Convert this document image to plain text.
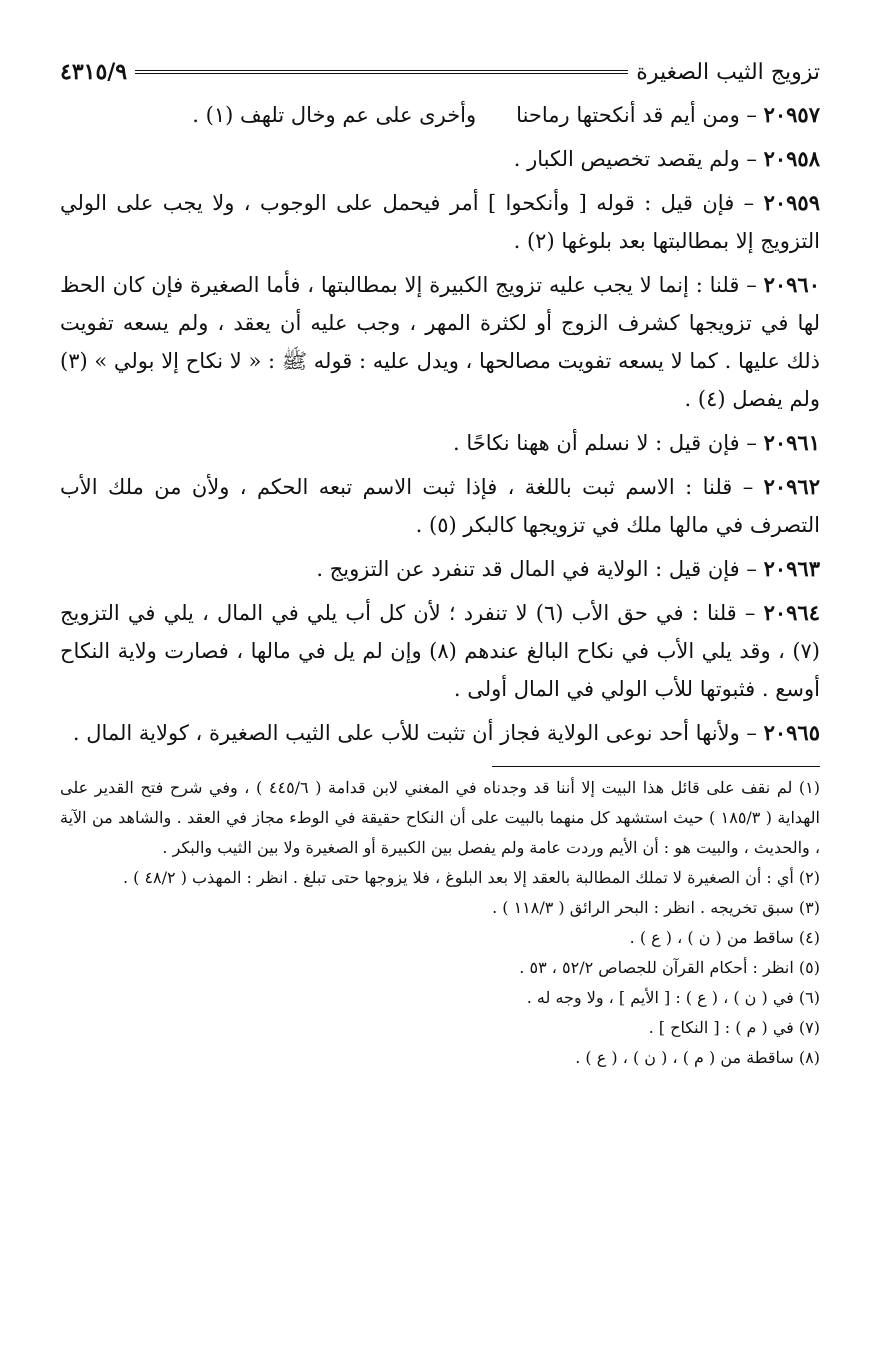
تزويج الثيب الصغيرة
٤٣١٥/٩
٢٠٩٥٧ – ومن أيم قد أنكحتها رماحنا
وأخرى على عم وخال تلهف (١) .

٢٠٩٥٨ – ولم يقصد تخصيص الكبار .

٢٠٩٥٩ – فإن قيل : قوله [ وأنكحوا ] أمر فيحمل على الوجوب ، ولا يجب على الولي التزويج إلا بمطالبتها بعد بلوغها (٢) .

٢٠٩٦٠ – قلنا : إنما لا يجب عليه تزويج الكبيرة إلا بمطالبتها ، فأما الصغيرة فإن كان الحظ لها في تزويجها كشرف الزوج أو لكثرة المهر ، وجب عليه أن يعقد ، ولم يسعه تفويت ذلك عليها . كما لا يسعه تفويت مصالحها ، ويدل عليه : قوله ﷺ : « لا نكاح إلا بولي » (٣) ولم يفصل (٤) .

٢٠٩٦١ – فإن قيل : لا نسلم أن ههنا نكاحًا .

٢٠٩٦٢ – قلنا : الاسم ثبت باللغة ، فإذا ثبت الاسم تبعه الحكم ، ولأن من ملك الأب التصرف في مالها ملك في تزويجها كالبكر (٥) .

٢٠٩٦٣ – فإن قيل : الولاية في المال قد تنفرد عن التزويج .

٢٠٩٦٤ – قلنا : في حق الأب (٦) لا تنفرد ؛ لأن كل أب يلي في المال ، يلي في التزويج (٧) ، وقد يلي الأب في نكاح البالغ عندهم (٨) وإن لم يل في مالها ، فصارت ولاية النكاح أوسع . فثبوتها للأب الولي في المال أولى .

٢٠٩٦٥ – ولأنها أحد نوعى الولاية فجاز أن تثبت للأب على الثيب الصغيرة ، كولاية المال .

(١) لم نقف على قائل هذا البيت إلا أننا قد وجدناه في المغني لابن قدامة ( ٤٤٥/٦ ) ، وفي شرح فتح القدير على الهداية ( ١٨٥/٣ ) حيث استشهد كل منهما بالبيت على أن النكاح حقيقة في الوطء مجاز في العقد . والشاهد من الآية ، والحديث ، والبيت هو : أن الأيم وردت عامة ولم يفصل بين الكبيرة أو الصغيرة ولا بين الثيب والبكر .

(٢) أي : أن الصغيرة لا تملك المطالبة بالعقد إلا بعد البلوغ ، فلا يزوجها حتى تبلغ . انظر : المهذب ( ٤٨/٢ ) .

(٣) سبق تخريجه . انظر : البحر الرائق ( ١١٨/٣ ) .

(٤) ساقط من ( ن ) ، ( ع ) .

(٥) انظر : أحكام القرآن للجصاص ٥٢/٢ ، ٥٣ .

(٦) في ( ن ) ، ( ع ) : [ الأيم ] ، ولا وجه له .

(٧) في ( م ) : [ النكاح ] .

(٨) ساقطة من ( م ) ، ( ن ) ، ( ع ) .
